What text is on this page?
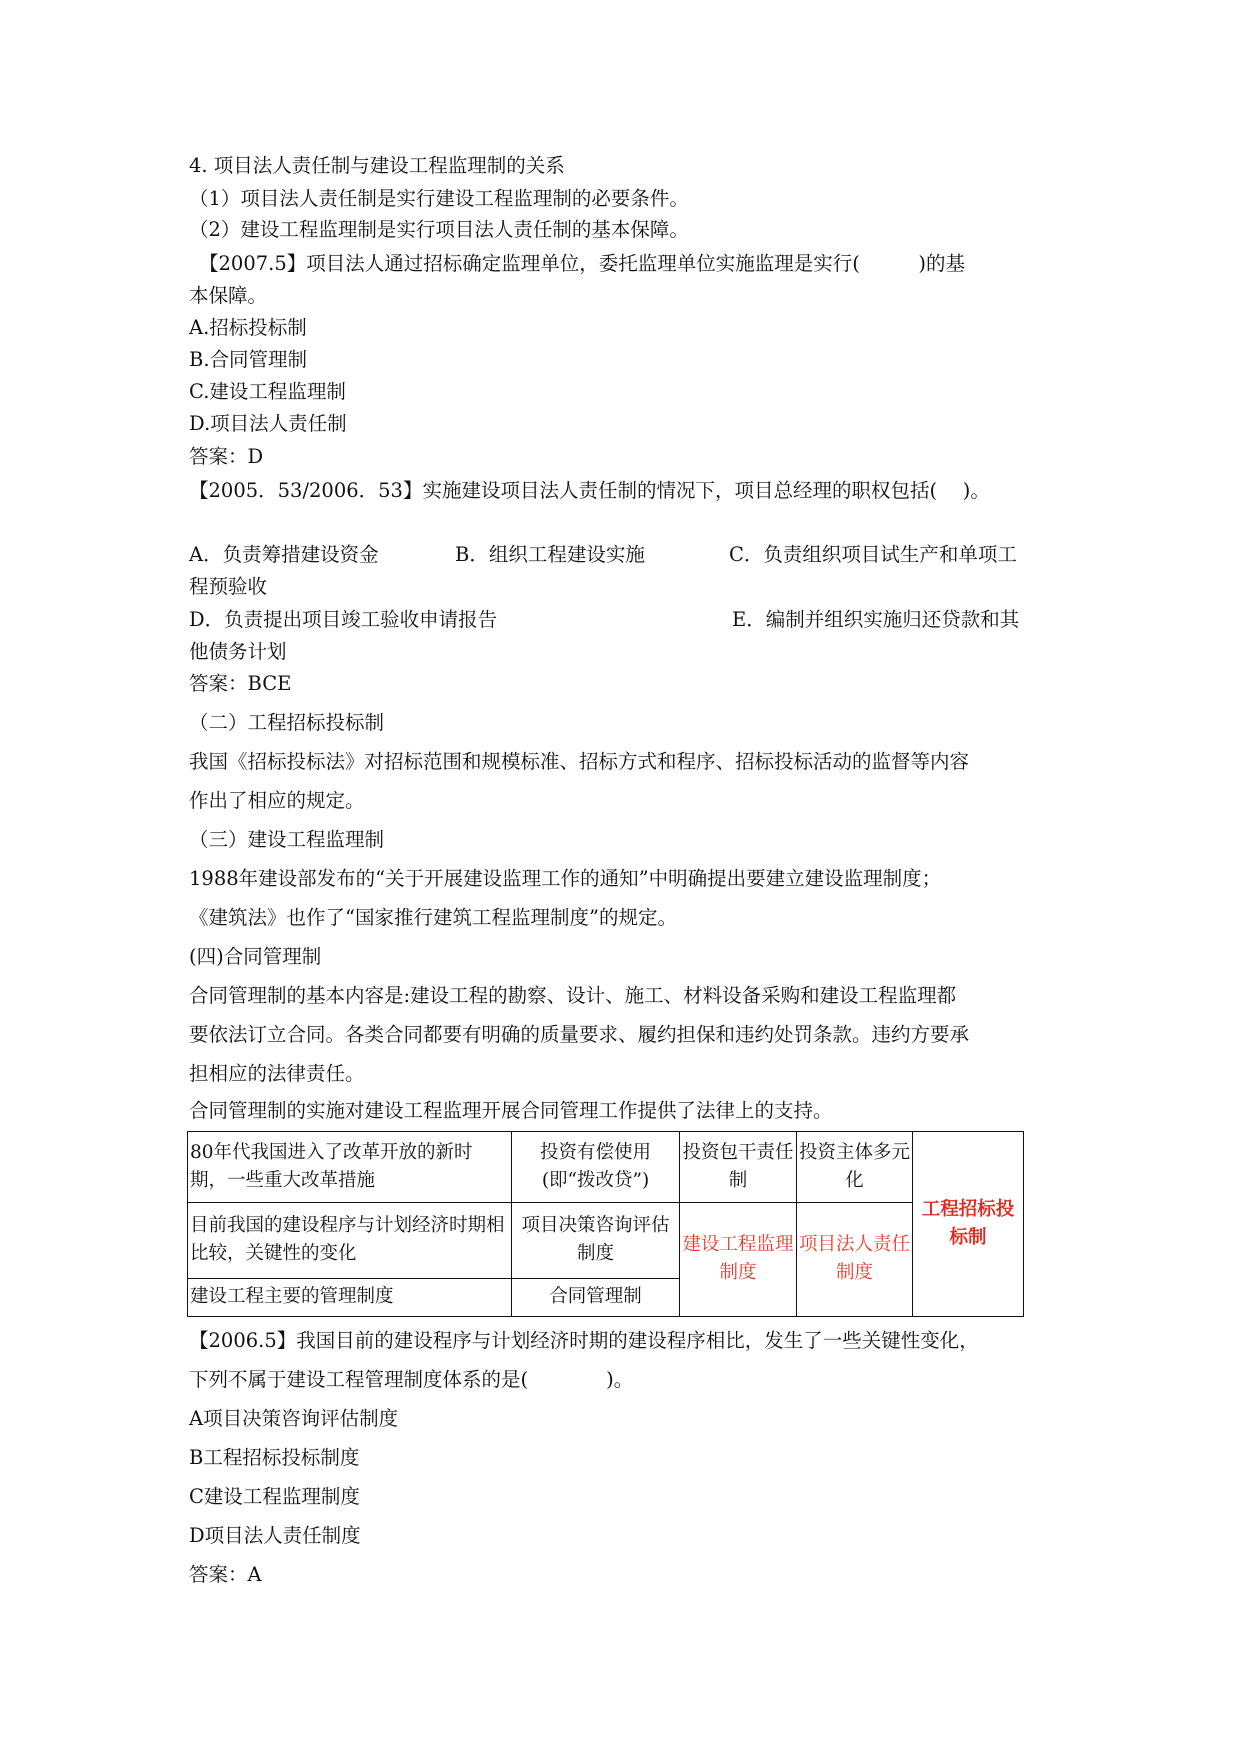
4. 项目法人责任制与建设工程监理制的关系
（1）项目法人责任制是实行建设工程监理制的必要条件。
（2）建设工程监理制是实行项目法人责任制的基本保障。
【2007.5】项目法人通过招标确定监理单位，委托监理单位实施监理是实行(　　　)的基
本保障。
A.招标投标制
B.合同管理制
C.建设工程监理制
D.项目法人责任制
答案：D
【2005．53/2006．53】实施建设项目法人责任制的情况下，项目总经理的职权包括(　 )。
A．负责筹措建设资金	B．组织工程建设实施	C．负责组织项目试生产和单项工
程预验收
D．负责提出项目竣工验收申请报告	E．编制并组织实施归还贷款和其
他债务计划
答案：BCE
（二）工程招标投标制
我国《招标投标法》对招标范围和规模标准、招标方式和程序、招标投标活动的监督等内容
作出了相应的规定。
（三）建设工程监理制
1988年建设部发布的“关于开展建设监理工作的通知”中明确提出要建立建设监理制度；
《建筑法》也作了“国家推行建筑工程监理制度”的规定。
(四)合同管理制
合同管理制的基本内容是:建设工程的勘察、设计、施工、材料设备采购和建设工程监理都
要依法订立合同。各类合同都要有明确的质量要求、履约担保和违约处罚条款。违约方要承
担相应的法律责任。
合同管理制的实施对建设工程监理开展合同管理工作提供了法律上的支持。
80年代我国进入了改革开放的新时期，一些重大改革措施	投资有偿使用(即“拨改贷”)	投资包干责任制	投资主体多元化	工程招标投标制
目前我国的建设程序与计划经济时期相比较，关键性的变化	项目决策咨询评估制度	建设工程监理制度	项目法人责任制度	
建设工程主要的管理制度	合同管理制			
【2006.5】我国目前的建设程序与计划经济时期的建设程序相比，发生了一些关键性变化，
下列不属于建设工程管理制度体系的是(　　　　)。
A项目决策咨询评估制度
B工程招标投标制度
C建设工程监理制度
D项目法人责任制度
答案：A
